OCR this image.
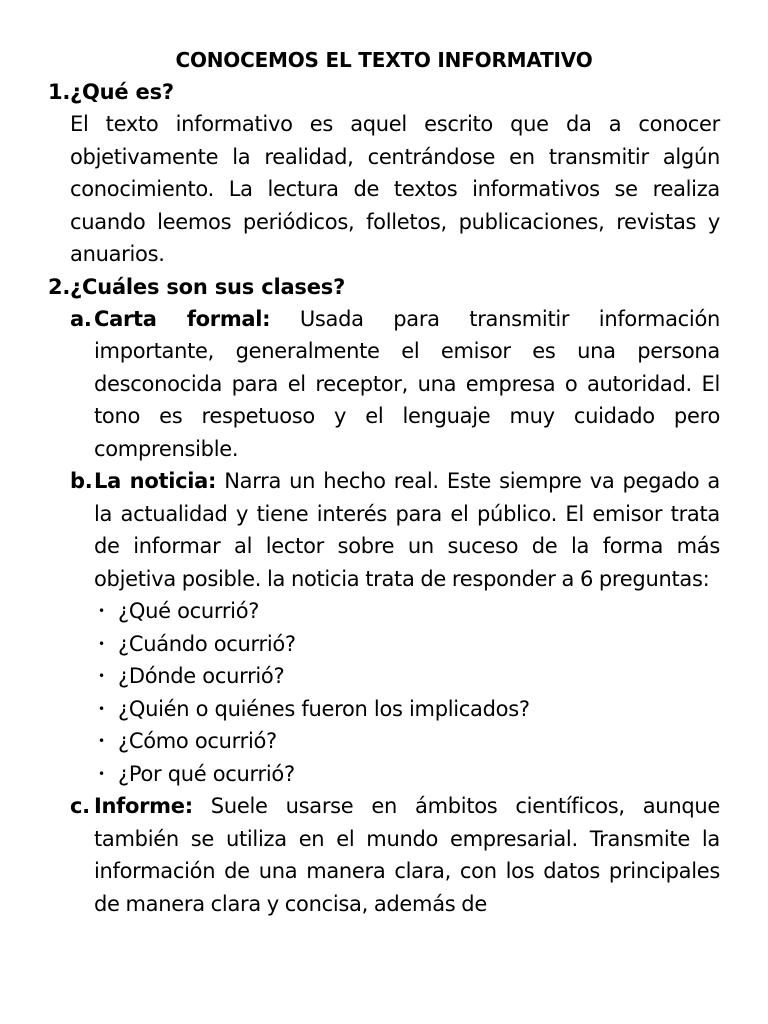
CONOCEMOS EL TEXTO INFORMATIVO
1. ¿Qué es?
El texto informativo es aquel escrito que da a conocer objetivamente la realidad, centrándose en transmitir algún conocimiento. La lectura de textos informativos se realiza cuando leemos periódicos, folletos, publicaciones, revistas y anuarios.
2. ¿Cuáles son sus clases?
a. Carta formal: Usada para transmitir información importante, generalmente el emisor es una persona desconocida para el receptor, una empresa o autoridad. El tono es respetuoso y el lenguaje muy cuidado pero comprensible.
b. La noticia: Narra un hecho real. Este siempre va pegado a la actualidad y tiene interés para el público. El emisor trata de informar al lector sobre un suceso de la forma más objetiva posible. la noticia trata de responder a 6 preguntas:
• ¿Qué ocurrió?
• ¿Cuándo ocurrió?
• ¿Dónde ocurrió?
• ¿Quién o quiénes fueron los implicados?
• ¿Cómo ocurrió?
• ¿Por qué ocurrió?
c. Informe: Suele usarse en ámbitos científicos, aunque también se utiliza en el mundo empresarial. Transmite la información de una manera clara, con los datos principales de manera clara y concisa, además de
